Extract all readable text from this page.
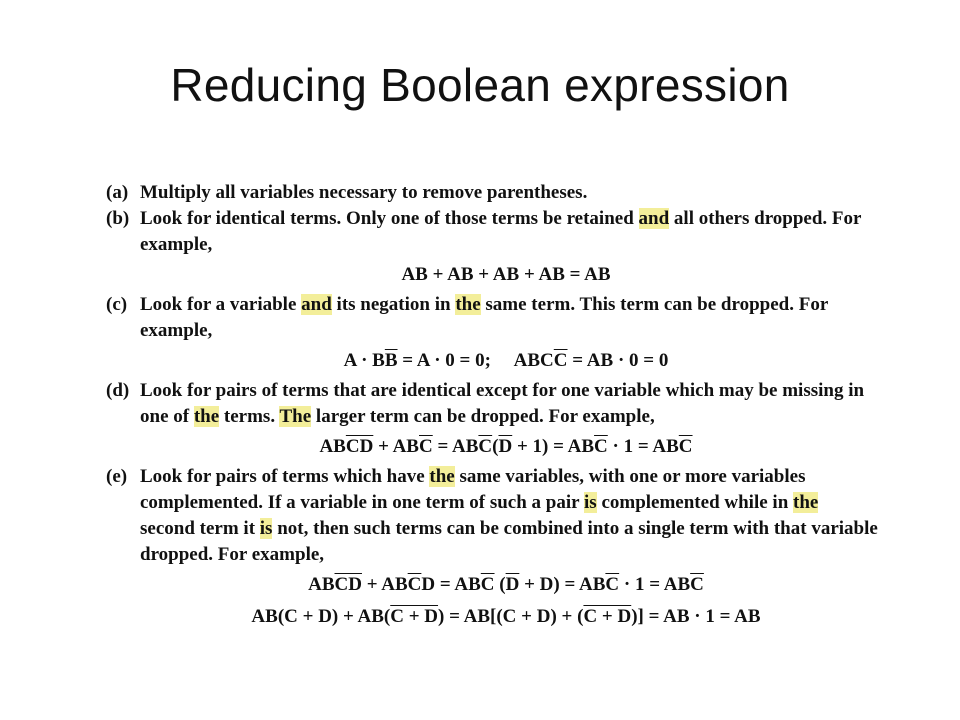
Reducing Boolean expression
(a) Multiply all variables necessary to remove parentheses.
(b) Look for identical terms. Only one of those terms be retained and all others dropped. For
example,
AB + AB + AB + AB = AB
(c) Look for a variable and its negation in the same term. This term can be dropped. For
example,
$A \cdot B\overline{B} = A \cdot 0 = 0$;     $ABC\overline{C}$ = AB · 0 = 0
(d) Look for pairs of terms that are identical except for one variable which may be missing in
one of the terms. The larger term can be dropped. For example,
$AB\overline{CD} + AB\overline{C} = AB\overline{C}(\overline{D} + 1) = AB\overline{C} \cdot 1 = AB\overline{C}$
(e) Look for pairs of terms which have the same variables, with one or more variables
complemented. If a variable in one term of such a pair is complemented while in the
second term it is not, then such terms can be combined into a single term with that variable
dropped. For example,
$AB\overline{CD} + AB\overline{C}D = AB\overline{C}$ $(\overline{D} + D) = AB\overline{C} \cdot 1 = AB\overline{C}$
AB(C + D) + AB(C + D) = AB[(C + D) + (C + D)] = AB · 1 = AB
